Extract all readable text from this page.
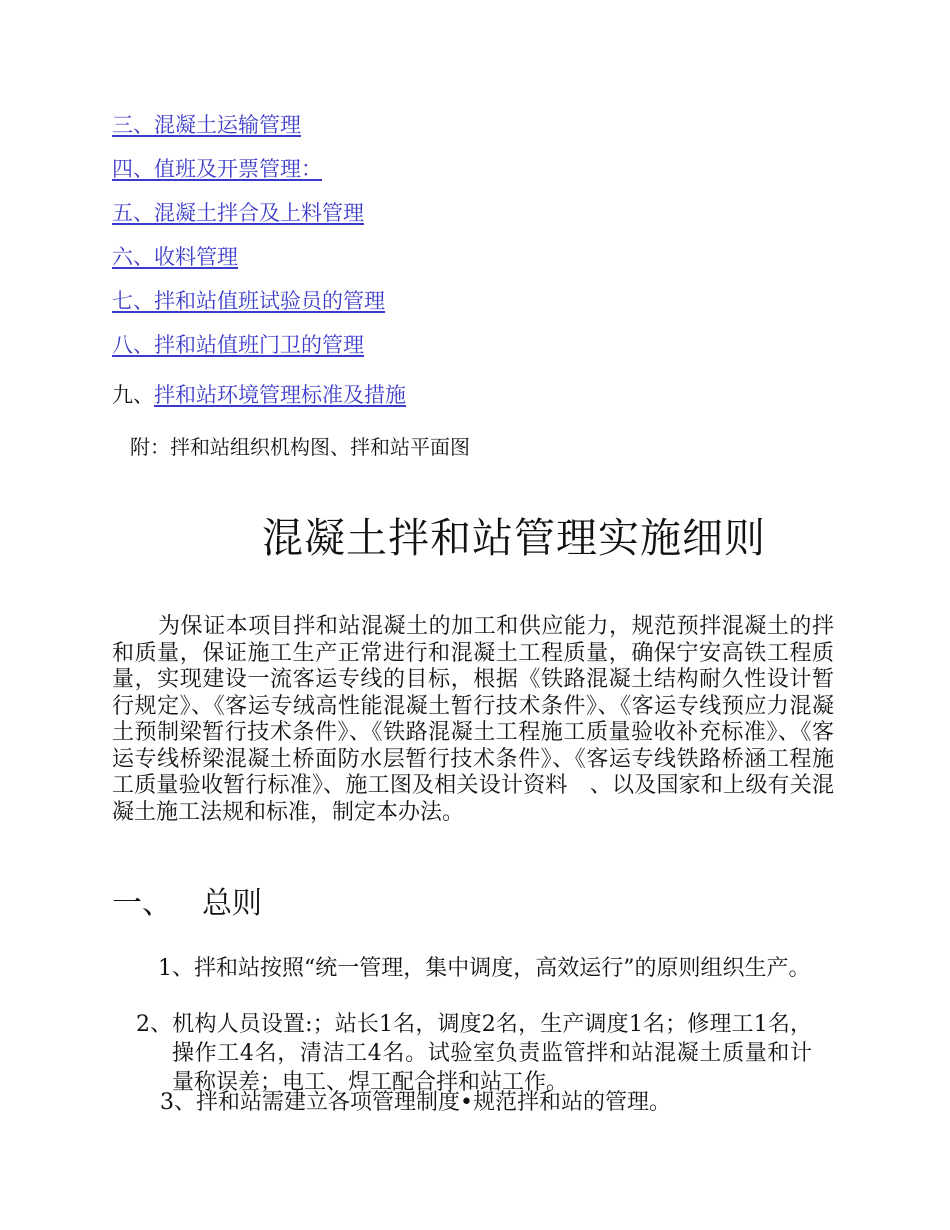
三、混凝土运输管理
四、值班及开票管理：
五、混凝土拌合及上料管理
六、收料管理
七、拌和站值班试验员的管理
八、拌和站值班门卫的管理
九、拌和站环境管理标准及措施
附：拌和站组织机构图、拌和站平面图
混凝土拌和站管理实施细则

为保证本项目拌和站混凝土的加工和供应能力，规范预拌混凝土的拌和质量，保证施工生产正常进行和混凝土工程质量，确保宁安高铁工程质量，实现建设一流客运专线的目标，根据《铁路混凝土结构耐久性设计暂行规定》、《客运专绒高性能混凝土暂行技术条件》、《客运专线预应力混凝土预制梁暂行技术条件》、《铁路混凝土工程施工质量验收补充标准》、《客运专线桥梁混凝土桥面防水层暂行技术条件》、《客运专线铁路桥涵工程施工质量验收暂行标准》、施工图及相关设计资料　、以及国家和上级有关混凝土施工法规和标准，制定本办法。

一、 总则

1、拌和站按照“统一管理，集中调度，高效运行”的原则组织生产。

2、机构人员设置:；站长1名，调度2名，生产调度1名；修理工1名，操作工4名，清洁工4名。试验室负责监管拌和站混凝土质量和计量称误差；电工、焊工配合拌和站工作。

3、拌和站需建立各项管理制度•规范拌和站的管理。
